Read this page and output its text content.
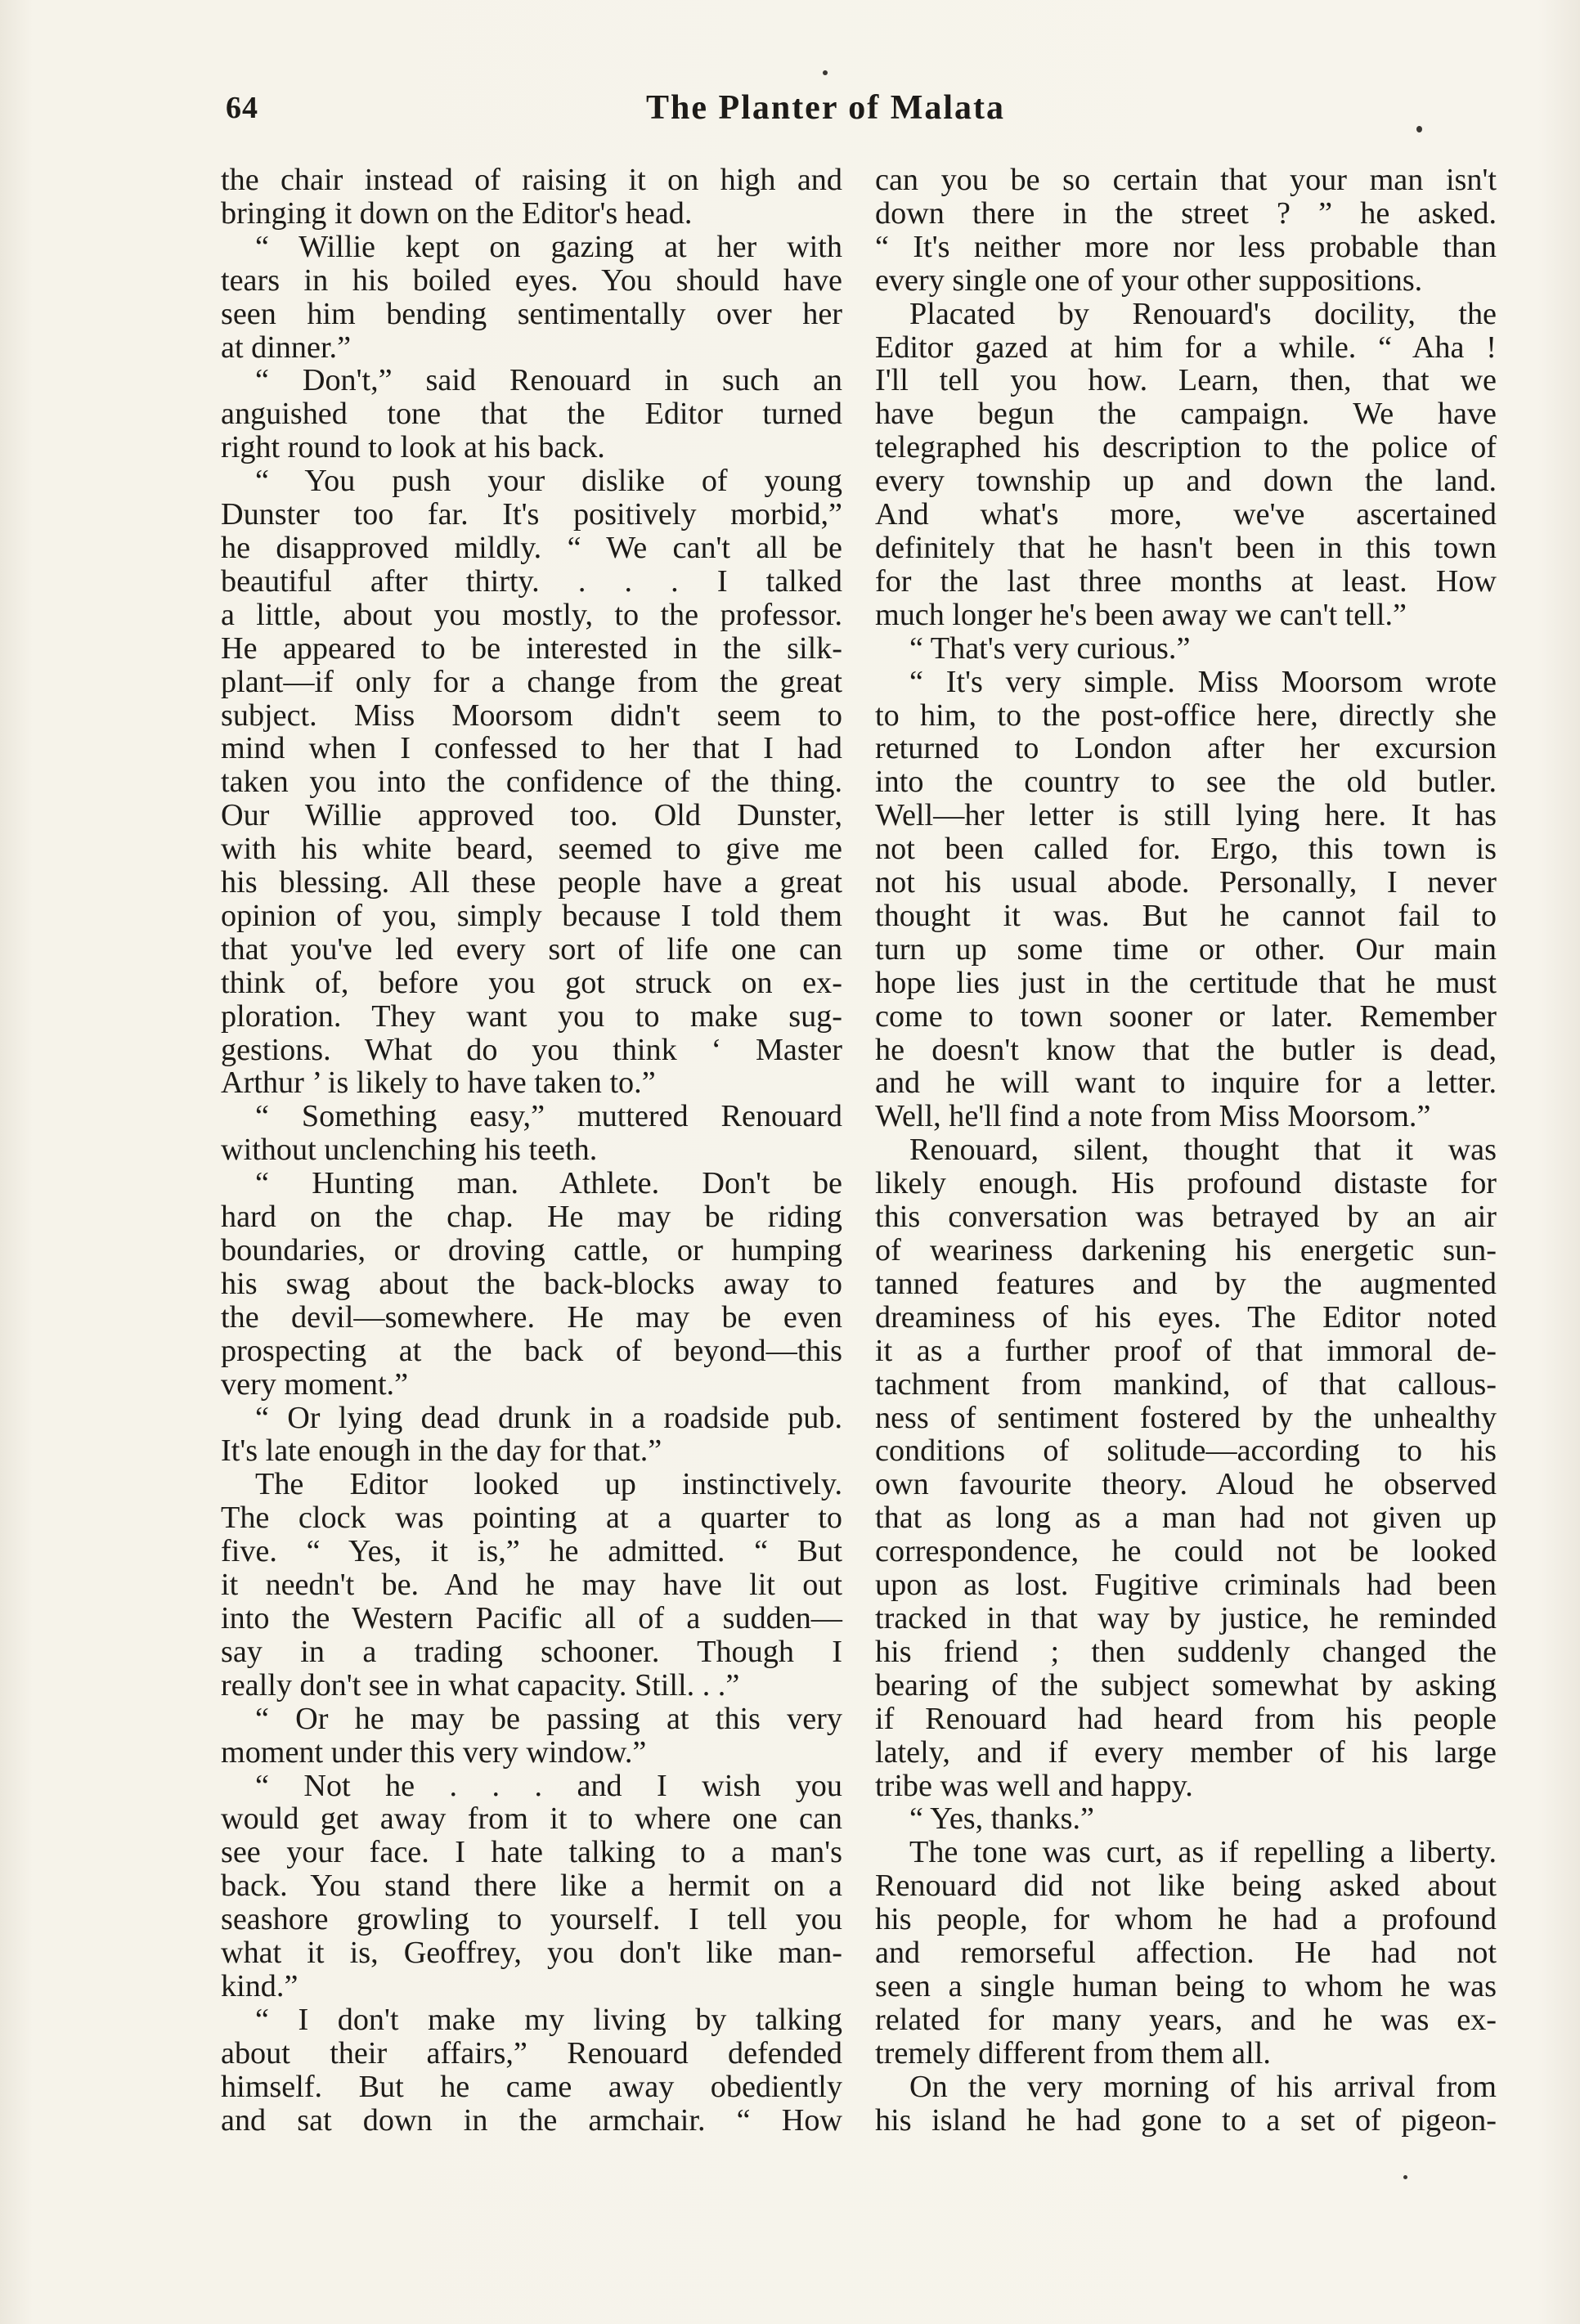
64	The Planter of Malata

the chair instead of raising it on high and

bringing it down on the Editor's head.

“ Willie kept on gazing at her with

tears in his boiled eyes. You should have

seen him bending sentimentally over her

at dinner.”

“ Don't,” said Renouard in such an

anguished tone that the Editor turned

right round to look at his back.

“ You push your dislike of young

Dunster too far. It's positively morbid,”

he disapproved mildly. “ We can't all be

beautiful after thirty. . . . I talked

a little, about you mostly, to the professor.

He appeared to be interested in the silk-

plant—if only for a change from the great

subject. Miss Moorsom didn't seem to

mind when I confessed to her that I had

taken you into the confidence of the thing.

Our Willie approved too. Old Dunster,

with his white beard, seemed to give me

his blessing. All these people have a great

opinion of you, simply because I told them

that you've led every sort of life one can

think of, before you got struck on ex-

ploration. They want you to make sug-

gestions. What do you think ‘ Master

Arthur ’ is likely to have taken to.”

“ Something easy,” muttered Renouard

without unclenching his teeth.

“ Hunting man. Athlete. Don't be

hard on the chap. He may be riding

boundaries, or droving cattle, or humping

his swag about the back-blocks away to

the devil—somewhere. He may be even

prospecting at the back of beyond—this

very moment.”

“ Or lying dead drunk in a roadside pub.

It's late enough in the day for that.”

The Editor looked up instinctively.

The clock was pointing at a quarter to

five. “ Yes, it is,” he admitted. “ But

it needn't be. And he may have lit out

into the Western Pacific all of a sudden—

say in a trading schooner. Though I

really don't see in what capacity. Still. . .”

“ Or he may be passing at this very

moment under this very window.”

“ Not he . . . and I wish you

would get away from it to where one can

see your face. I hate talking to a man's

back. You stand there like a hermit on a

seashore growling to yourself. I tell you

what it is, Geoffrey, you don't like man-

kind.”

“ I don't make my living by talking

about their affairs,” Renouard defended

himself. But he came away obediently

and sat down in the armchair. “ How

can you be so certain that your man isn't

down there in the street ? ” he asked.

“ It's neither more nor less probable than

every single one of your other suppositions.

Placated by Renouard's docility, the

Editor gazed at him for a while. “ Aha !

I'll tell you how. Learn, then, that we

have begun the campaign. We have

telegraphed his description to the police of

every township up and down the land.

And what's more, we've ascertained

definitely that he hasn't been in this town

for the last three months at least. How

much longer he's been away we can't tell.”

“ That's very curious.”

“ It's very simple. Miss Moorsom wrote

to him, to the post-office here, directly she

returned to London after her excursion

into the country to see the old butler.

Well—her letter is still lying here. It has

not been called for. Ergo, this town is

not his usual abode. Personally, I never

thought it was. But he cannot fail to

turn up some time or other. Our main

hope lies just in the certitude that he must

come to town sooner or later. Remember

he doesn't know that the butler is dead,

and he will want to inquire for a letter.

Well, he'll find a note from Miss Moorsom.”

Renouard, silent, thought that it was

likely enough. His profound distaste for

this conversation was betrayed by an air

of weariness darkening his energetic sun-

tanned features and by the augmented

dreaminess of his eyes. The Editor noted

it as a further proof of that immoral de-

tachment from mankind, of that callous-

ness of sentiment fostered by the unhealthy

conditions of solitude—according to his

own favourite theory. Aloud he observed

that as long as a man had not given up

correspondence, he could not be looked

upon as lost. Fugitive criminals had been

tracked in that way by justice, he reminded

his friend ; then suddenly changed the

bearing of the subject somewhat by asking

if Renouard had heard from his people

lately, and if every member of his large

tribe was well and happy.

“ Yes, thanks.”

The tone was curt, as if repelling a liberty.

Renouard did not like being asked about

his people, for whom he had a profound

and remorseful affection. He had not

seen a single human being to whom he was

related for many years, and he was ex-

tremely different from them all.

On the very morning of his arrival from

his island he had gone to a set of pigeon-
